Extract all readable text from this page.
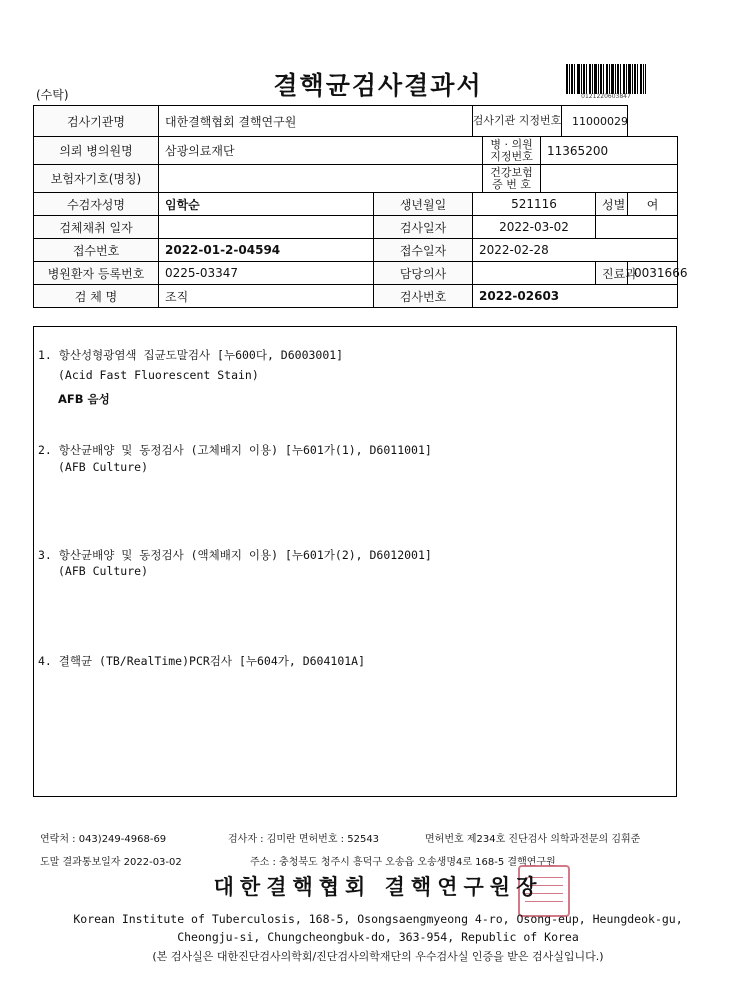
(수탁)	결핵균검사결과서	0121220603847
검사기관명	대한결핵협회 결핵연구원		검사기관 지정번호 11000029				

의뢰 병의원명	삼광의료재단			병 · 의원 지정번호	11365200		
보험자기호(명칭)				건강보험 증 번 호			
수검자성명	임학순	생년월일	521116			성별	여
검체채취 일자		검사일자	2022-03-02				
접수번호	2022-01-2-04594	접수일자	2022-02-28				
병원환자 등록번호	0225-03347	담당의사				진료과	0031666
검 체 명	조직	검사번호	2022-02603				
1. 항산성형광염색 집균도말검사 [누600다, D6003001]
(Acid Fast Fluorescent Stain)
AFB 음성
2. 항산균배양 및 동정검사 (고체배지 이용) [누601가(1), D6011001]
(AFB Culture)
3. 항산균배양 및 동정검사 (액체배지 이용) [누601가(2), D6012001]
(AFB Culture)
4. 결핵균 (TB/RealTime)PCR검사 [누604가, D604101A]
연락처 : 043)249-4968-69	검사자 : 김미란 면허번호 : 52543	면허번호 제234호 진단검사 의학과전문의 김휘준
도말 결과통보일자 2022-03-02	주소 : 충청북도 청주시 흥덕구 오송읍 오송생명4로 168-5 결핵연구원
대한결핵협회 결핵연구원장
Korean Institute of Tuberculosis, 168-5, Osongsaengmyeong 4-ro, Osong-eup, Heungdeok-gu,
Cheongju-si, Chungcheongbuk-do, 363-954, Republic of Korea
(본 검사실은 대한진단검사의학회/진단검사의학재단의 우수검사실 인증을 받은 검사실입니다.)
